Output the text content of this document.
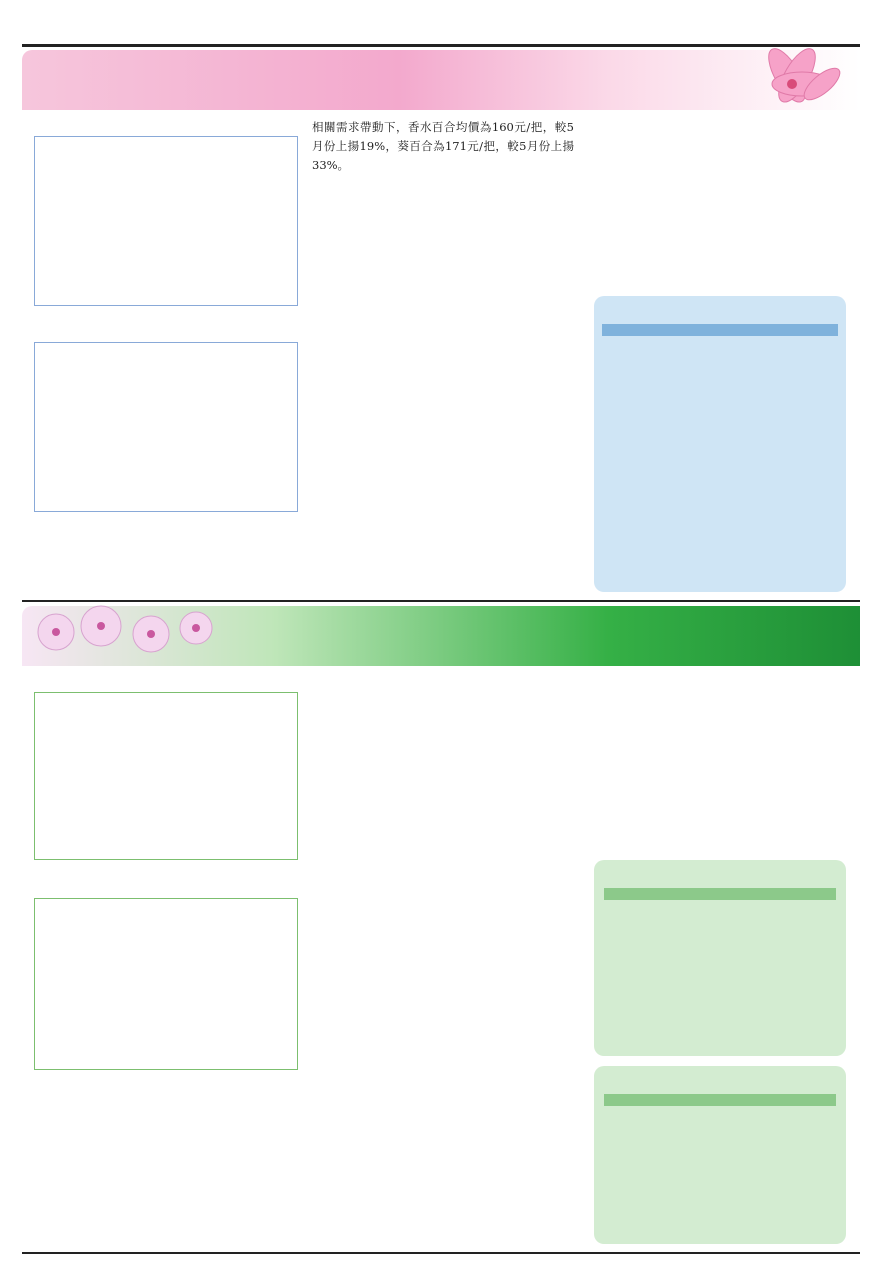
相關需求帶動下，香水百合均價為160元/把，較5月份上揚19%，葵百合為171元/把，較5月份上揚33%。
